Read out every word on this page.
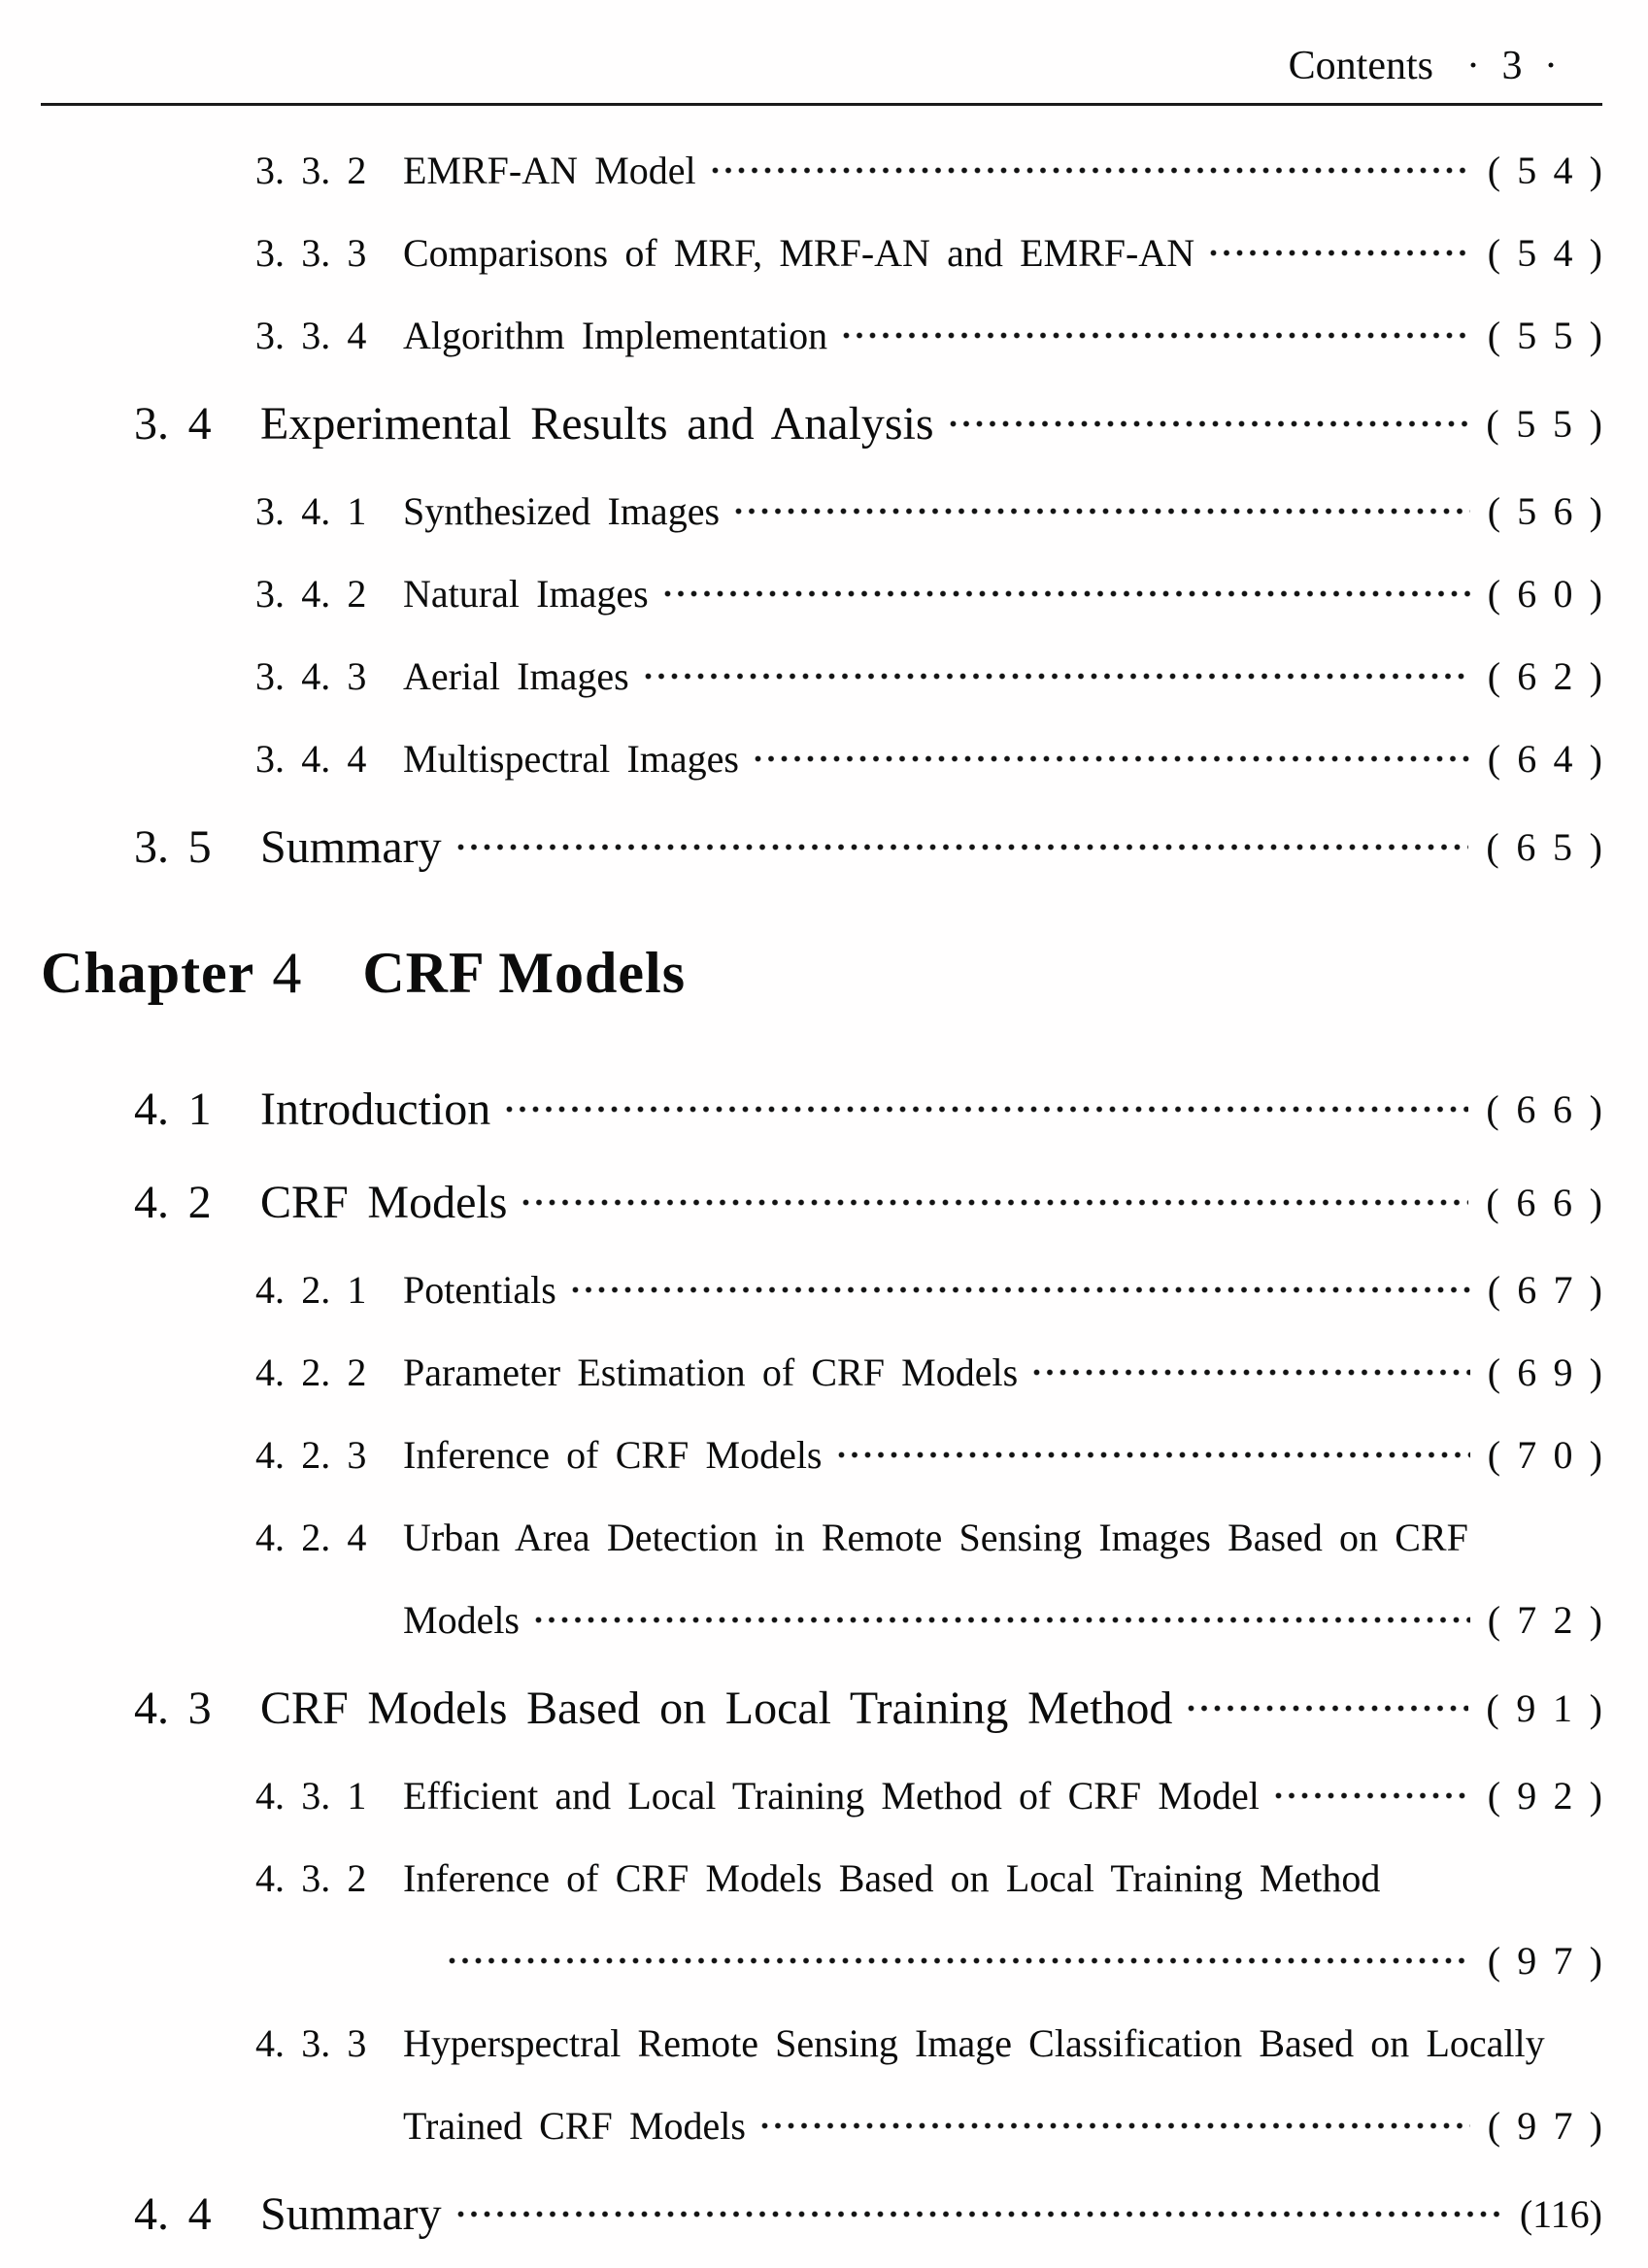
Contents · 3 ·
3. 3. 2 EMRF-AN Model	( 5 4 )
3. 3. 3 Comparisons of MRF, MRF-AN and EMRF-AN	( 5 4 )
3. 3. 4 Algorithm Implementation	( 5 5 )
3. 4	Experimental Results and Analysis	( 5 5 )
3. 4. 1 Synthesized Images	( 5 6 )
3. 4. 2 Natural Images	( 6 0 )
3. 4. 3 Aerial Images	( 6 2 )
3. 4. 4 Multispectral Images	( 6 4 )
3. 5	Summary	( 6 5 )
Chapter 4 CRF Models
4. 1	Introduction	( 6 6 )
4. 2	CRF Models	( 6 6 )
4. 2. 1 Potentials	( 6 7 )
4. 2. 2 Parameter Estimation of CRF Models	( 6 9 )
4. 2. 3 Inference of CRF Models	( 7 0 )
4. 2. 4 Urban Area Detection in Remote Sensing Images Based on CRF
Models	( 7 2 )
4. 3	CRF Models Based on Local Training Method	( 9 1 )
4. 3. 1 Efficient and Local Training Method of CRF Model	( 9 2 )
4. 3. 2 Inference of CRF Models Based on Local Training Method
( 9 7 )
4. 3. 3 Hyperspectral Remote Sensing Image Classification Based on Locally
Trained CRF Models	( 9 7 )
4. 4	Summary	(116)
